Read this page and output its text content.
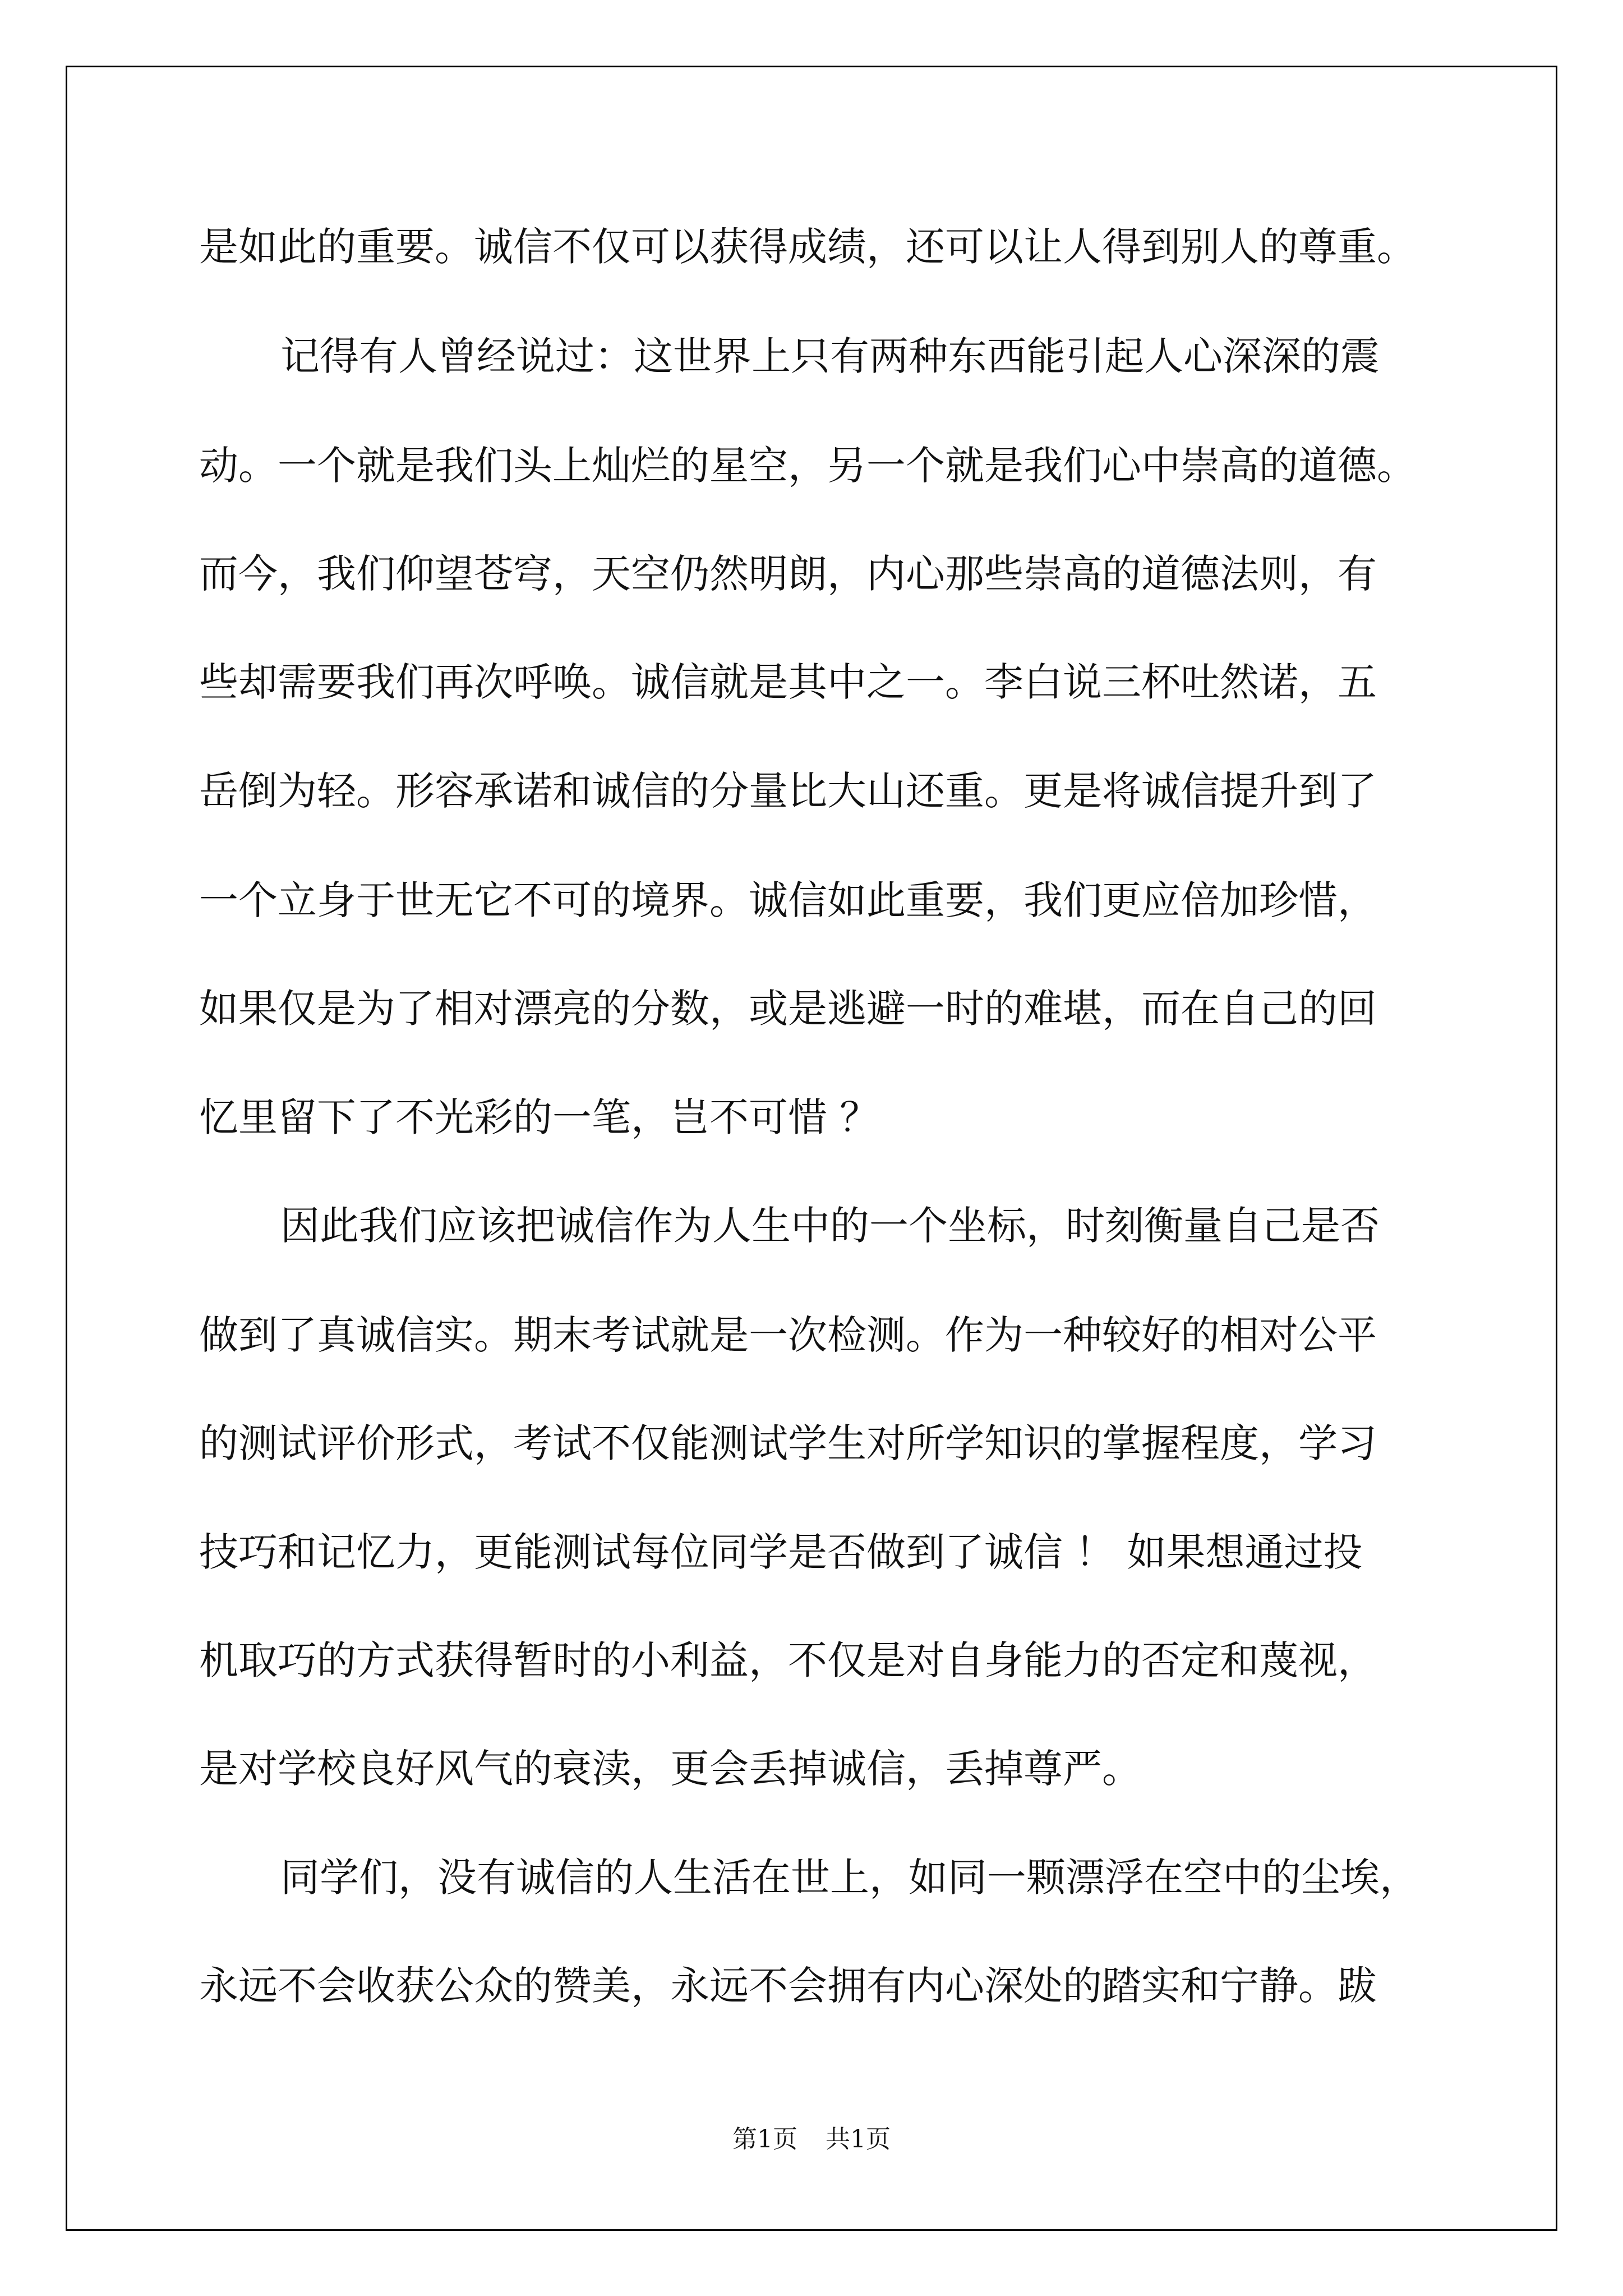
是如此的重要。诚信不仅可以获得成绩，还可以让人得到别人的尊重。
记得有人曾经说过：这世界上只有两种东西能引起人心深深的震
动。一个就是我们头上灿烂的星空，另一个就是我们心中崇高的道德。
而今，我们仰望苍穹，天空仍然明朗，内心那些崇高的道德法则，有
些却需要我们再次呼唤。诚信就是其中之一。李白说三杯吐然诺，五
岳倒为轻。形容承诺和诚信的分量比大山还重。更是将诚信提升到了
一个立身于世无它不可的境界。诚信如此重要，我们更应倍加珍惜，
如果仅是为了相对漂亮的分数，或是逃避一时的难堪，而在自己的回
忆里留下了不光彩的一笔，岂不可惜 ？
因此我们应该把诚信作为人生中的一个坐标，时刻衡量自己是否
做到了真诚信实。期末考试就是一次检测。作为一种较好的相对公平
的测试评价形式，考试不仅能测试学生对所学知识的掌握程度，学习
技巧和记忆力，更能测试每位同学是否做到了诚信 ！ 如果想通过投
机取巧的方式获得暂时的小利益，不仅是对自身能力的否定和蔑视，
是对学校良好风气的衰渎，更会丢掉诚信，丢掉尊严。
同学们，没有诚信的人生活在世上，如同一颗漂浮在空中的尘埃，
永远不会收获公众的赞美，永远不会拥有内心深处的踏实和宁静。跋
第1页 共1页
